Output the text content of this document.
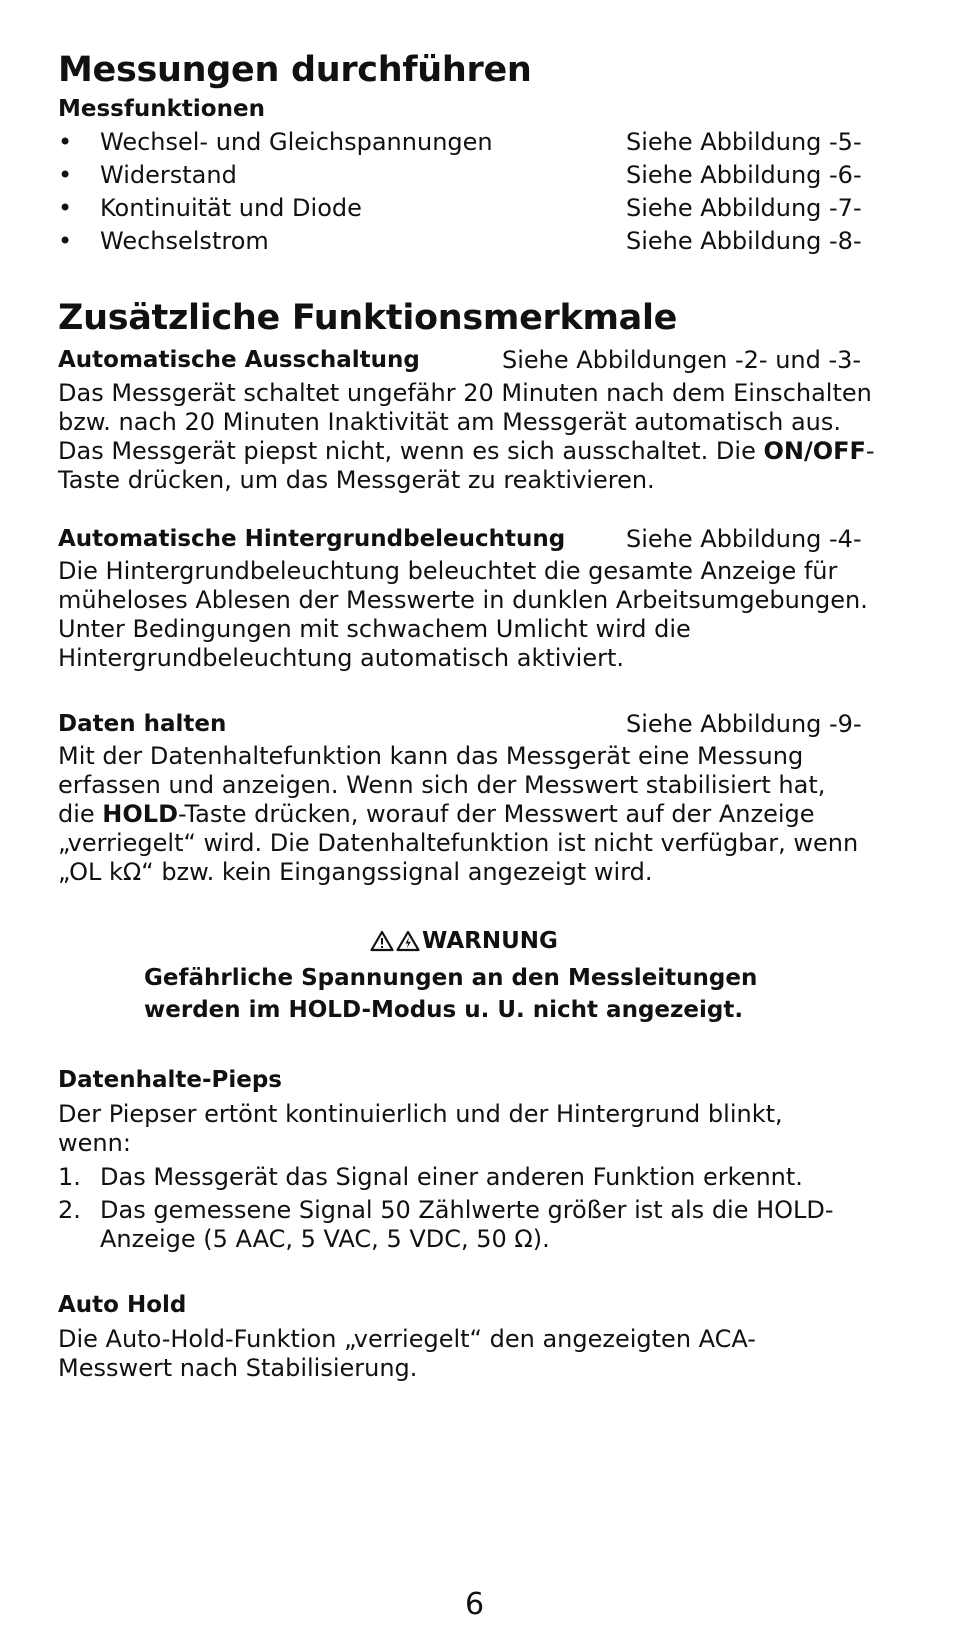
Messungen durchführen
Messfunktionen
• Wechsel- und Gleichspannungen	Siehe Abbildung -5-
• Widerstand	Siehe Abbildung -6-
• Kontinuität und Diode	Siehe Abbildung -7-
• Wechselstrom	Siehe Abbildung -8-
Zusätzliche Funktionsmerkmale
Automatische Ausschaltung	Siehe Abbildungen -2- und -3-
Das Messgerät schaltet ungefähr 20 Minuten nach dem Einschalten
bzw. nach 20 Minuten Inaktivität am Messgerät automatisch aus.
Das Messgerät piepst nicht, wenn es sich ausschaltet. Die ON/OFF-
Taste drücken, um das Messgerät zu reaktivieren.
Automatische Hintergrundbeleuchtung	Siehe Abbildung -4-
Die Hintergrundbeleuchtung beleuchtet die gesamte Anzeige für
müheloses Ablesen der Messwerte in dunklen Arbeitsumgebungen.
Unter Bedingungen mit schwachem Umlicht wird die
Hintergrundbeleuchtung automatisch aktiviert.
Daten halten	Siehe Abbildung -9-
Mit der Datenhaltefunktion kann das Messgerät eine Messung
erfassen und anzeigen. Wenn sich der Messwert stabilisiert hat,
die HOLD-Taste drücken, worauf der Messwert auf der Anzeige
„verriegelt“ wird. Die Datenhaltefunktion ist nicht verfügbar, wenn
„OL kΩ“ bzw. kein Eingangssignal angezeigt wird.
WARNUNG
Gefährliche Spannungen an den Messleitungen
werden im HOLD-Modus u. U. nicht angezeigt.
Datenhalte-Pieps
Der Piepser ertönt kontinuierlich und der Hintergrund blinkt,
wenn:
1. Das Messgerät das Signal einer anderen Funktion erkennt.
2. Das gemessene Signal 50 Zählwerte größer ist als die HOLD-
Anzeige (5 AAC, 5 VAC, 5 VDC, 50 Ω).
Auto Hold
Die Auto-Hold-Funktion „verriegelt“ den angezeigten ACA-
Messwert nach Stabilisierung.
6
